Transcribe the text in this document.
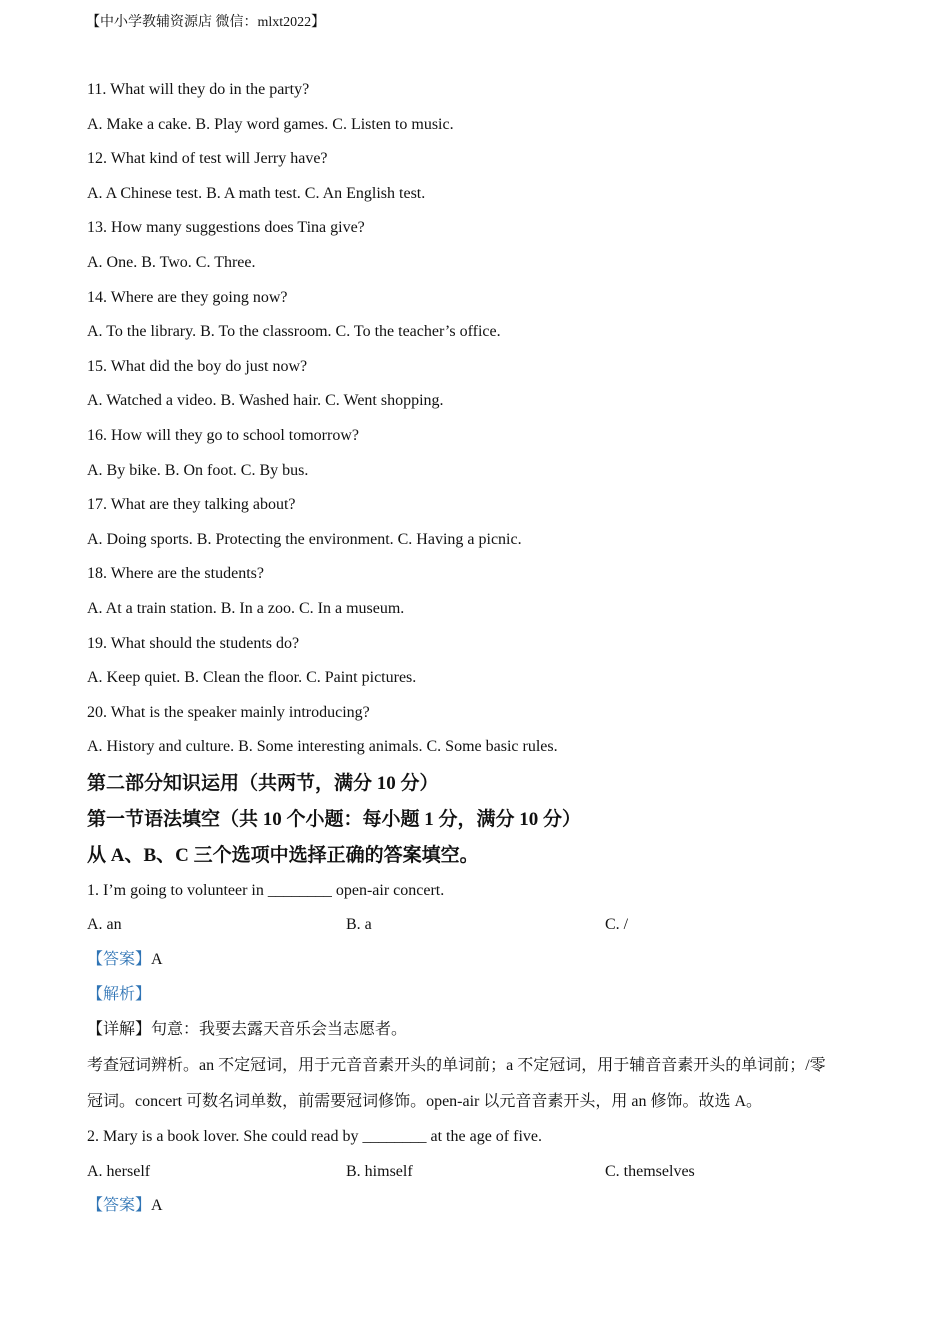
【中小学教辅资源店 微信：mlxt2022】
11. What will they do in the party?
A. Make a cake. B. Play word games. C. Listen to music.
12. What kind of test will Jerry have?
A. A Chinese test. B. A math test. C. An English test.
13. How many suggestions does Tina give?
A. One. B. Two. C. Three.
14. Where are they going now?
A. To the library. B. To the classroom. C. To the teacher’s office.
15. What did the boy do just now?
A. Watched a video. B. Washed hair. C. Went shopping.
16. How will they go to school tomorrow?
A. By bike. B. On foot. C. By bus.
17. What are they talking about?
A. Doing sports. B. Protecting the environment. C. Having a picnic.
18. Where are the students?
A. At a train station. B. In a zoo. C. In a museum.
19. What should the students do?
A. Keep quiet. B. Clean the floor. C. Paint pictures.
20. What is the speaker mainly introducing?
A. History and culture. B. Some interesting animals. C. Some basic rules.
第二部分知识运用（共两节，满分 10 分）
第一节语法填空（共 10 个小题：每小题 1 分，满分 10 分）
从 A、B、C 三个选项中选择正确的答案填空。
1. I’m going to volunteer in ________ open-air concert.
A. an	B. a	C. /
【答案】A
【解析】
【详解】句意：我要去露天音乐会当志愿者。
考查冠词辨析。an 不定冠词，用于元音音素开头的单词前；a 不定冠词，用于辅音音素开头的单词前；/零
冠词。concert 可数名词单数，前需要冠词修饰。open-air 以元音音素开头，用 an 修饰。故选 A。
2. Mary is a book lover. She could read by ________ at the age of five.
A. herself	B. himself	C. themselves
【答案】A
